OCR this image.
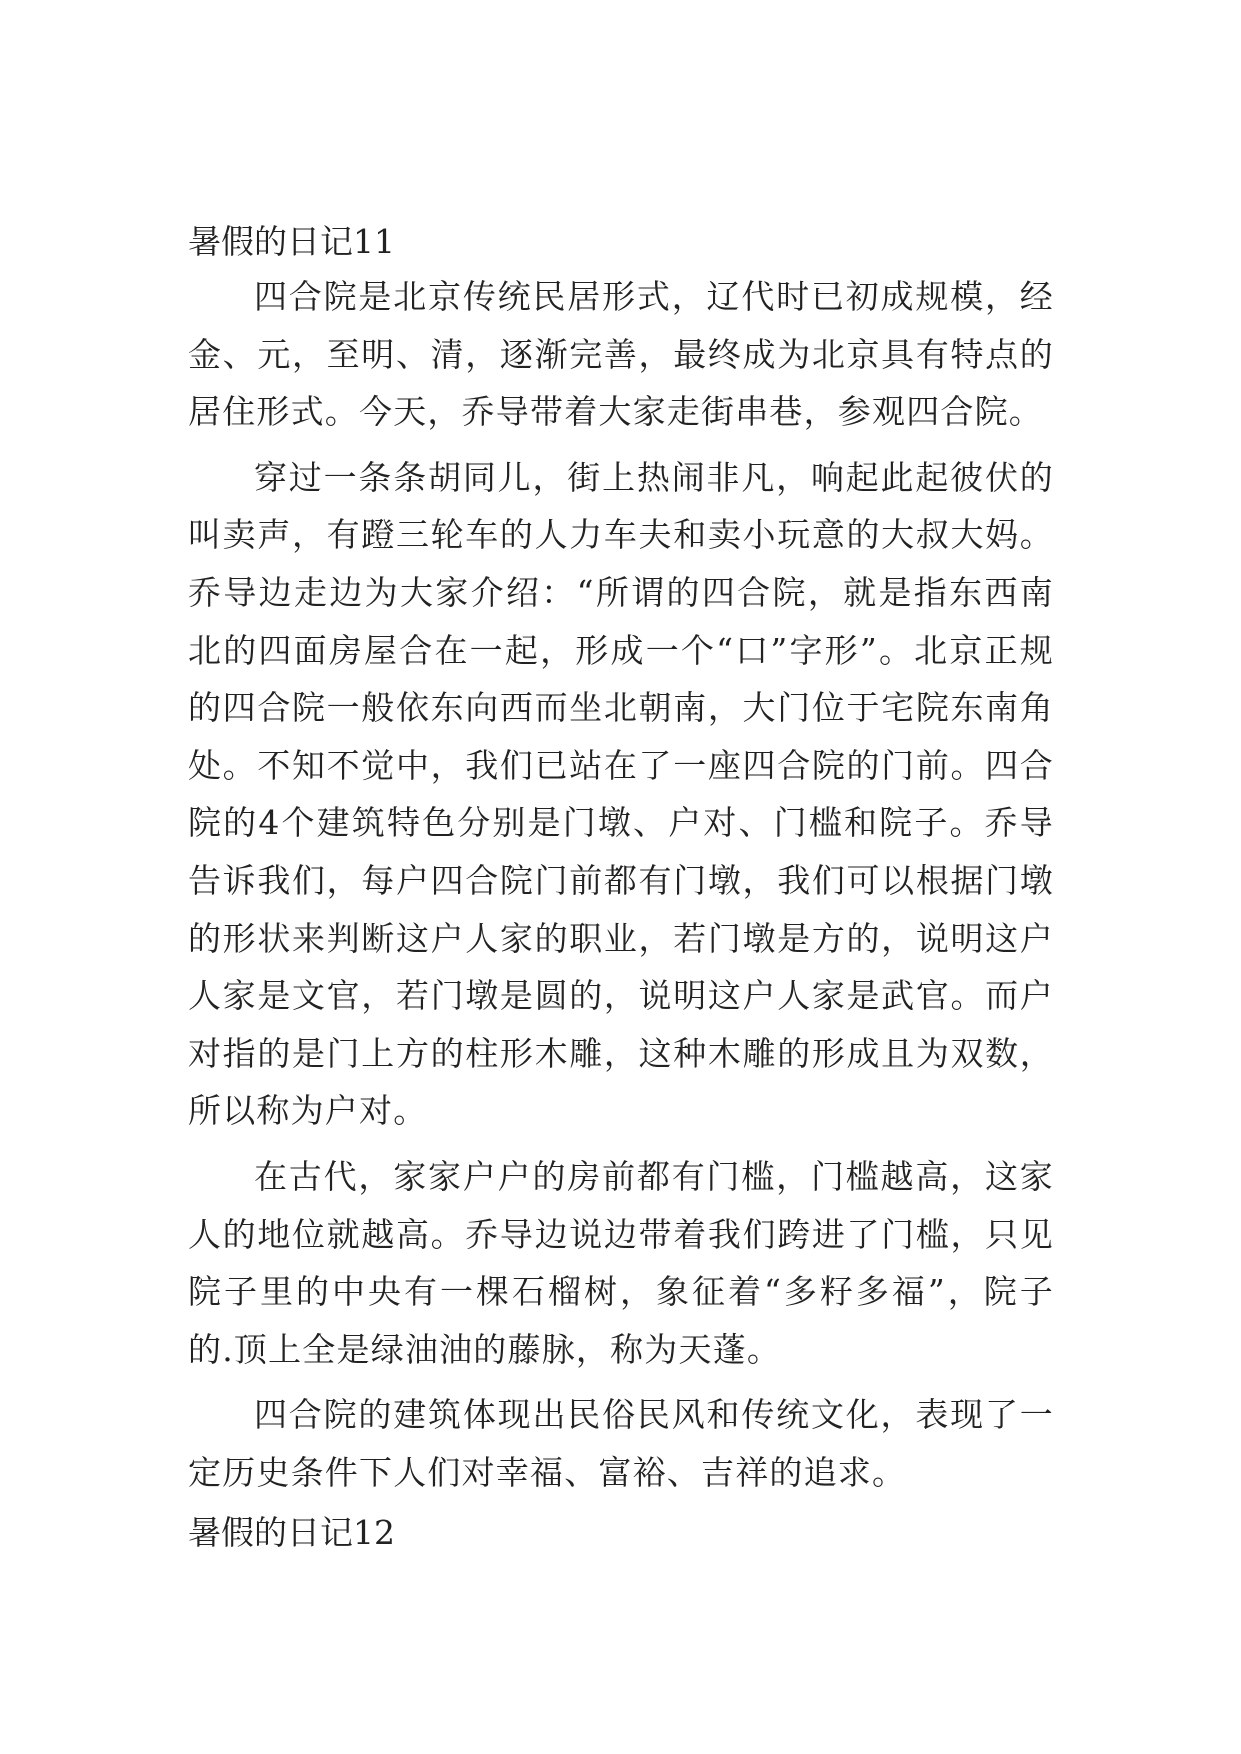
暑假的日记11

四合院是北京传统民居形式，辽代时已初成规模，经金、元，至明、清，逐渐完善，最终成为北京具有特点的居住形式。今天，乔导带着大家走街串巷，参观四合院。

穿过一条条胡同儿，街上热闹非凡，响起此起彼伏的叫卖声，有蹬三轮车的人力车夫和卖小玩意的大叔大妈。乔导边走边为大家介绍：“所谓的四合院，就是指东西南北的四面房屋合在一起，形成一个“口”字形”。北京正规的四合院一般依东向西而坐北朝南，大门位于宅院东南角处。不知不觉中，我们已站在了一座四合院的门前。四合院的4个建筑特色分别是门墩、户对、门槛和院子。乔导告诉我们，每户四合院门前都有门墩，我们可以根据门墩的形状来判断这户人家的职业，若门墩是方的，说明这户人家是文官，若门墩是圆的，说明这户人家是武官。而户对指的是门上方的柱形木雕，这种木雕的形成且为双数，所以称为户对。

在古代，家家户户的房前都有门槛，门槛越高，这家人的地位就越高。乔导边说边带着我们跨进了门槛，只见院子里的中央有一棵石榴树，象征着“多籽多福”，院子的.顶上全是绿油油的藤脉，称为天蓬。

四合院的建筑体现出民俗民风和传统文化，表现了一定历史条件下人们对幸福、富裕、吉祥的追求。

暑假的日记12
